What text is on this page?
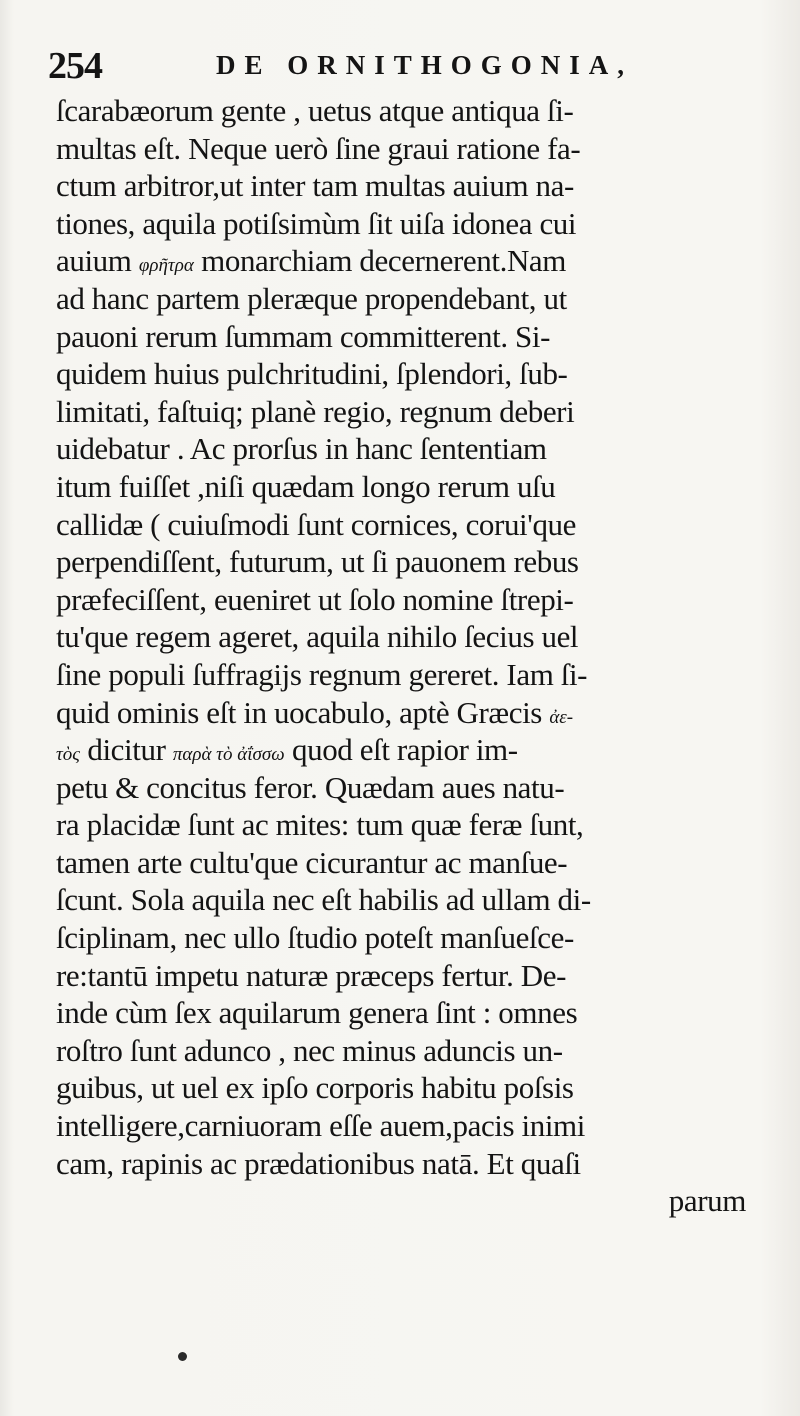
254	DE ORNITHOGONIA,
ſcarabæorum gente , uetus atque antiqua ſi-
multas eſt. Neque uerò ſine graui ratione fa-
ctum arbitror,ut inter tam multas auium na-
tiones, aquila potiſsimùm ſit uiſa idonea cui
auium φρῆτρα monarchiam decernerent.Nam
ad hanc partem pleræque propendebant, ut
pauoni rerum ſummam committerent. Si-
quidem huius pulchritudini, ſplendori, ſub-
limitati, faſtuiq; planè regio, regnum deberi
uidebatur . Ac prorſus in hanc ſententiam
itum fuiſſet ,niſi quædam longo rerum uſu
callidæ ( cuiuſmodi ſunt cornices, corui'que
perpendiſſent, futurum, ut ſi pauonem rebus
præfeciſſent, eueniret ut ſolo nomine ſtrepi-
tu'que regem ageret, aquila nihilo ſecius uel
ſine populi ſuffragijs regnum gereret. Iam ſi-
quid ominis eſt in uocabulo, aptè Græcis ἀε-
τὸς dicitur παρὰ τὸ ἀΐσσω quod eſt rapior im-
petu & concitus feror. Quædam aues natu-
ra placidæ ſunt ac mites: tum quæ feræ ſunt,
tamen arte cultu'que cicurantur ac manſue-
ſcunt. Sola aquila nec eſt habilis ad ullam di-
ſciplinam, nec ullo ſtudio poteſt manſueſce-
re:tantū impetu naturæ præceps fertur. De-
inde cùm ſex aquilarum genera ſint : omnes
roſtro ſunt adunco , nec minus aduncis un-
guibus, ut uel ex ipſo corporis habitu poſsis
intelligere,carniuoram eſſe auem,pacis inimi
cam, rapinis ac prædationibus natā. Et quaſi
parum
